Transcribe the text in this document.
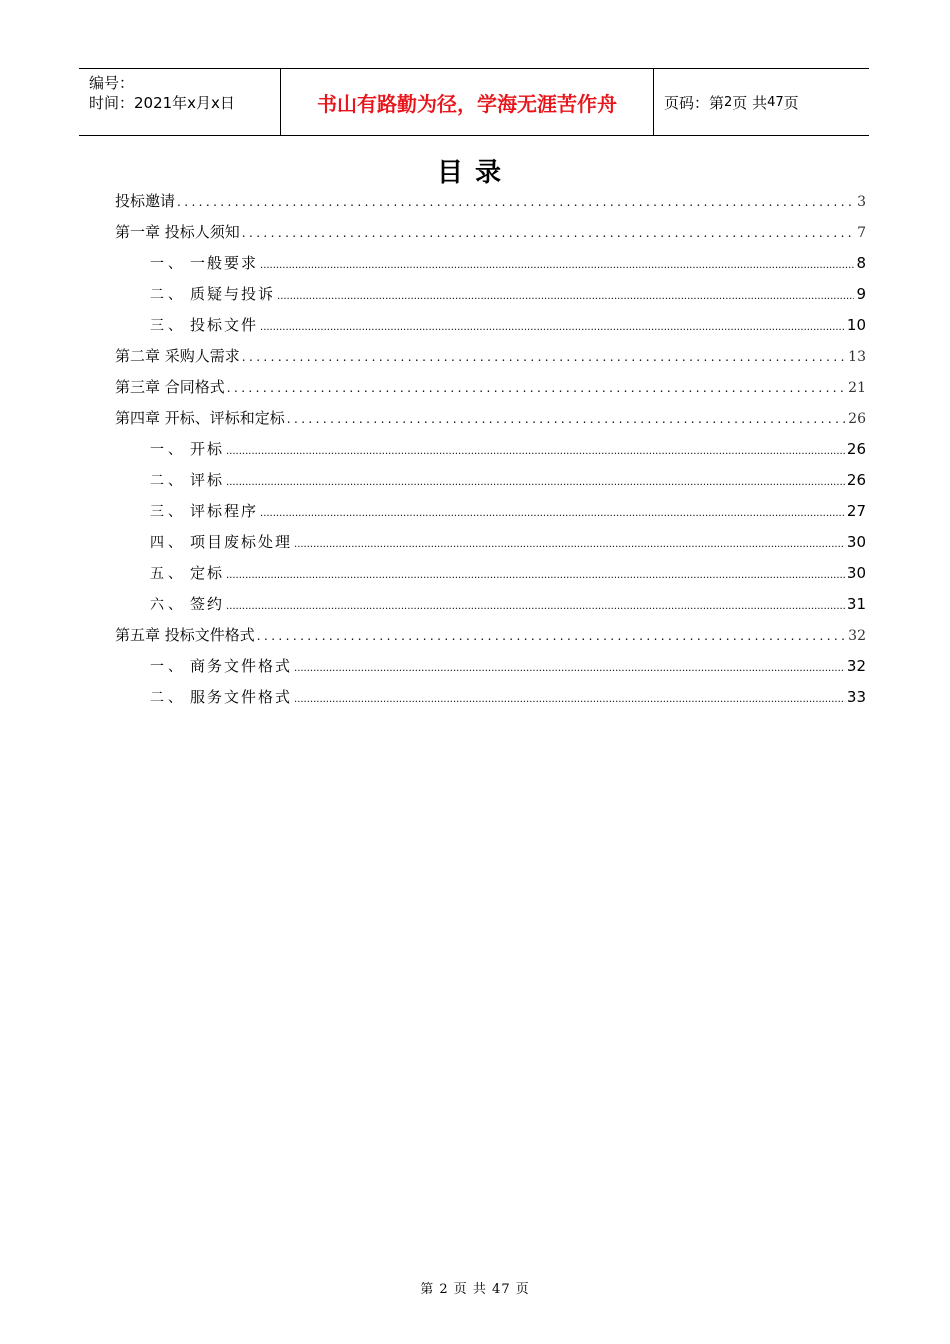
编号：
时间：2021年x月x日	书山有路勤为径，学海无涯苦作舟	页码：第 2 页 共 47 页
目录
投标邀请 .....	3
第一章 投标人须知 .....	7
一、 一般要求 .....	8
二、 质疑与投诉 .....	9
三、 投标文件 .....	10
第二章 采购人需求 .....	13
第三章 合同格式 .....	21
第四章 开标、评标和定标 .....	26
一、 开标 .....	26
二、 评标 .....	26
三、 评标程序 .....	27
四、 项目废标处理 .....	30
五、 定标 .....	30
六、 签约 .....	31
第五章 投标文件格式 .....	32
一、 商务文件格式 .....	32
二、 服务文件格式 .....	33
第 2 页 共 47 页
